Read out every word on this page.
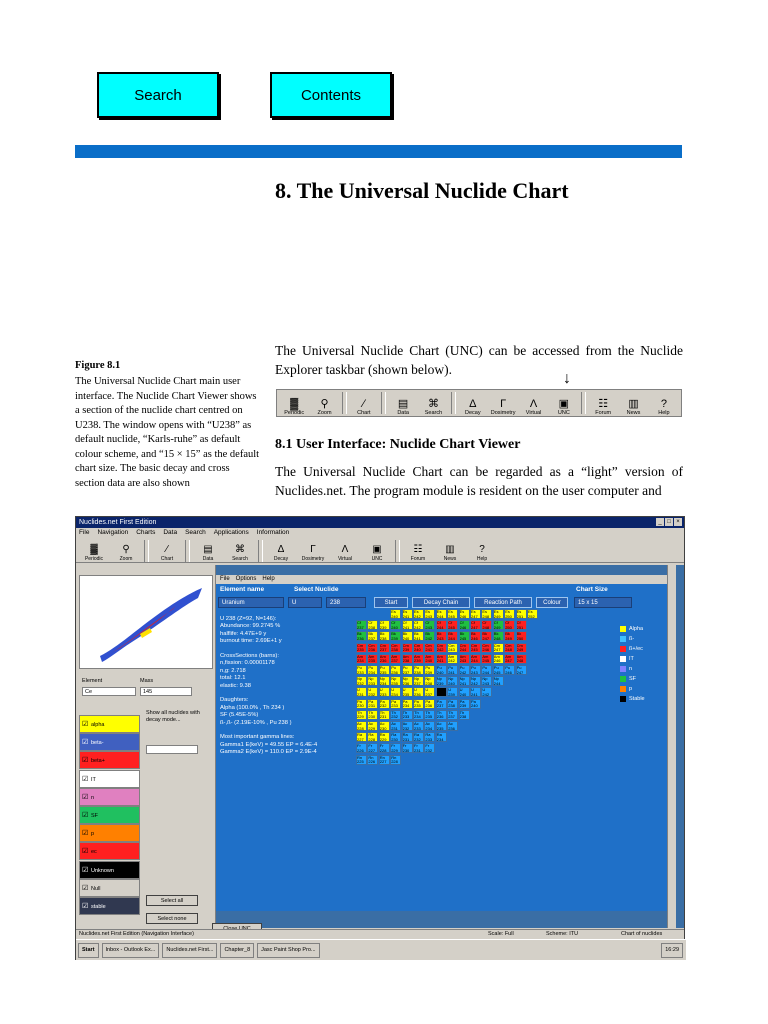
Search	Contents
8. The Universal Nuclide Chart
Figure 8.1
The Universal Nuclide Chart main user interface. The Nuclide Chart Viewer shows a section of the nuclide chart centred on U238. The window opens with “U238” as default nuclide, “Karls-ruhe” as default colour scheme, and “15 × 15” as the default chart size. The basic decay and cross section data are also shown
The Universal Nuclide Chart (UNC) can be accessed from the Nuclide Explorer taskbar (shown below).
↓
▓
Periodic
⚲
Zoom
∕
Chart
▤
Data
⌘
Search
Δ
Decay
Γ
Dosimetry
Λ
Virtual
▣
UNC
☷
Forum
▥
News
?
Help
8.1 User Interface: Nuclide Chart Viewer
The Universal Nuclide Chart can be regarded as a “light” version of Nuclides.net. The program module is resident on the user computer and
Nuclides.net First Edition	_ □ ×
File Navigation Charts Data Search Applications Information
▓
Periodic
⚲
Zoom
∕
Chart
▤
Data
⌘
Search
Δ
Decay
Γ
Dosimetry
Λ
Virtual
▣
UNC
☷
Forum
▥
News
?
Help
Element	Mass
Ce	145
Show all nuclides with decay mode...
☑ alpha
☑ beta-
☑ beta+
☑ IT
☑ n
☑ SF
☑ p
☑ ec
☑ Unknown
☑ Null
☑ stable
Select all
Select none
File Options Help
Element name	Select Nuclide	Chart Size
Uranium	U	238	Start	Decay Chain	Reaction Path	Colour	15 x 15
U 238 (Z=92, N=146):
Abundance: 99.2745 %
halflife: 4.47E+9 y
burnout time: 2.69E+1 y
CrossSections (barns):
n,fission: 0.00001178
n,g: 2.718
total: 12.1
elastic: 9.38
Daughters:
Alpha (100.0% , Th 234 )
SF (5.45E-5%)
ß-,ß- (2.19E-10% , Pu 238 )
Most important gamma lines:
Gamma1 E(keV) = 49.55 EP = 6.4E-4
Gamma2 E(keV) = 110.0 EP = 2.9E-4
Es
240
Es
241
Es
242
Es
243
Es
244
Es
245
Es
246
Es
247
Es
248
Es
249
Es
250
Es
251
Es
252
Cf
237
Cf
238
Cf
239
Cf
240
Cf
241
Cf
242
Cf
243
Cf
244
Cf
245
Cf
246
Cf
247
Cf
248
Cf
249
Cf
250
Cf
251
Bk
236
Bk
237
Bk
238
Bk
239
Bk
240
Bk
241
Bk
242
Bk
243
Bk
244
Bk
245
Bk
246
Bk
247
Bk
248
Bk
249
Bk
250
Cm
235
Cm
236
Cm
237
Cm
238
Cm
239
Cm
240
Cm
241
Cm
242
Cm
243
Cm
244
Cm
245
Cm
246
Cm
247
Cm
248
Cm
249
Am
234
Am
235
Am
236
Am
237
Am
238
Am
239
Am
240
Am
241
Am
242
Am
243
Am
244
Am
245
Am
246
Am
247
Am
248
Pu
233
Pu
234
Pu
235
Pu
236
Pu
237
Pu
238
Pu
239
Pu
240
Pu
241
Pu
242
Pu
243
Pu
244
Pu
245
Pu
246
Pu
247
Np
232
Np
233
Np
234
Np
235
Np
236
Np
237
Np
238
Np
239
Np
240
Np
241
Np
242
Np
243
Np
244
U
231
U
232
U
233
U
234
U
235
U
236
U
237
U
238
U
239
U
240
U
241
U
242
Pa
230
Pa
231
Pa
232
Pa
233
Pa
234
Pa
235
Pa
236
Pa
237
Pa
238
Pa
239
Pa
240
Th
229
Th
230
Th
231
Th
232
Th
233
Th
234
Th
235
Th
236
Th
237
Th
238
Ac
228
Ac
229
Ac
230
Ac
231
Ac
232
Ac
233
Ac
234
Ac
235
Ac
236
Ra
227
Ra
228
Ra
229
Ra
230
Ra
231
Ra
232
Ra
233
Ra
234
Fr
226
Fr
227
Fr
228
Fr
229
Fr
230
Fr
231
Fr
232
Rn
225
Rn
226
Rn
227
Rn
228
Alpha
ß-
ß+/ec
IT
n
SF
p
Stable
Nuclides.net First Edition (Navigation Interface)	Scale: Full	Scheme: ITU	Chart of nuclides
Start	Inbox - Outlook Ex...	Nuclides.net First...	Chapter_8	Jasc Paint Shop Pro...	16:29
